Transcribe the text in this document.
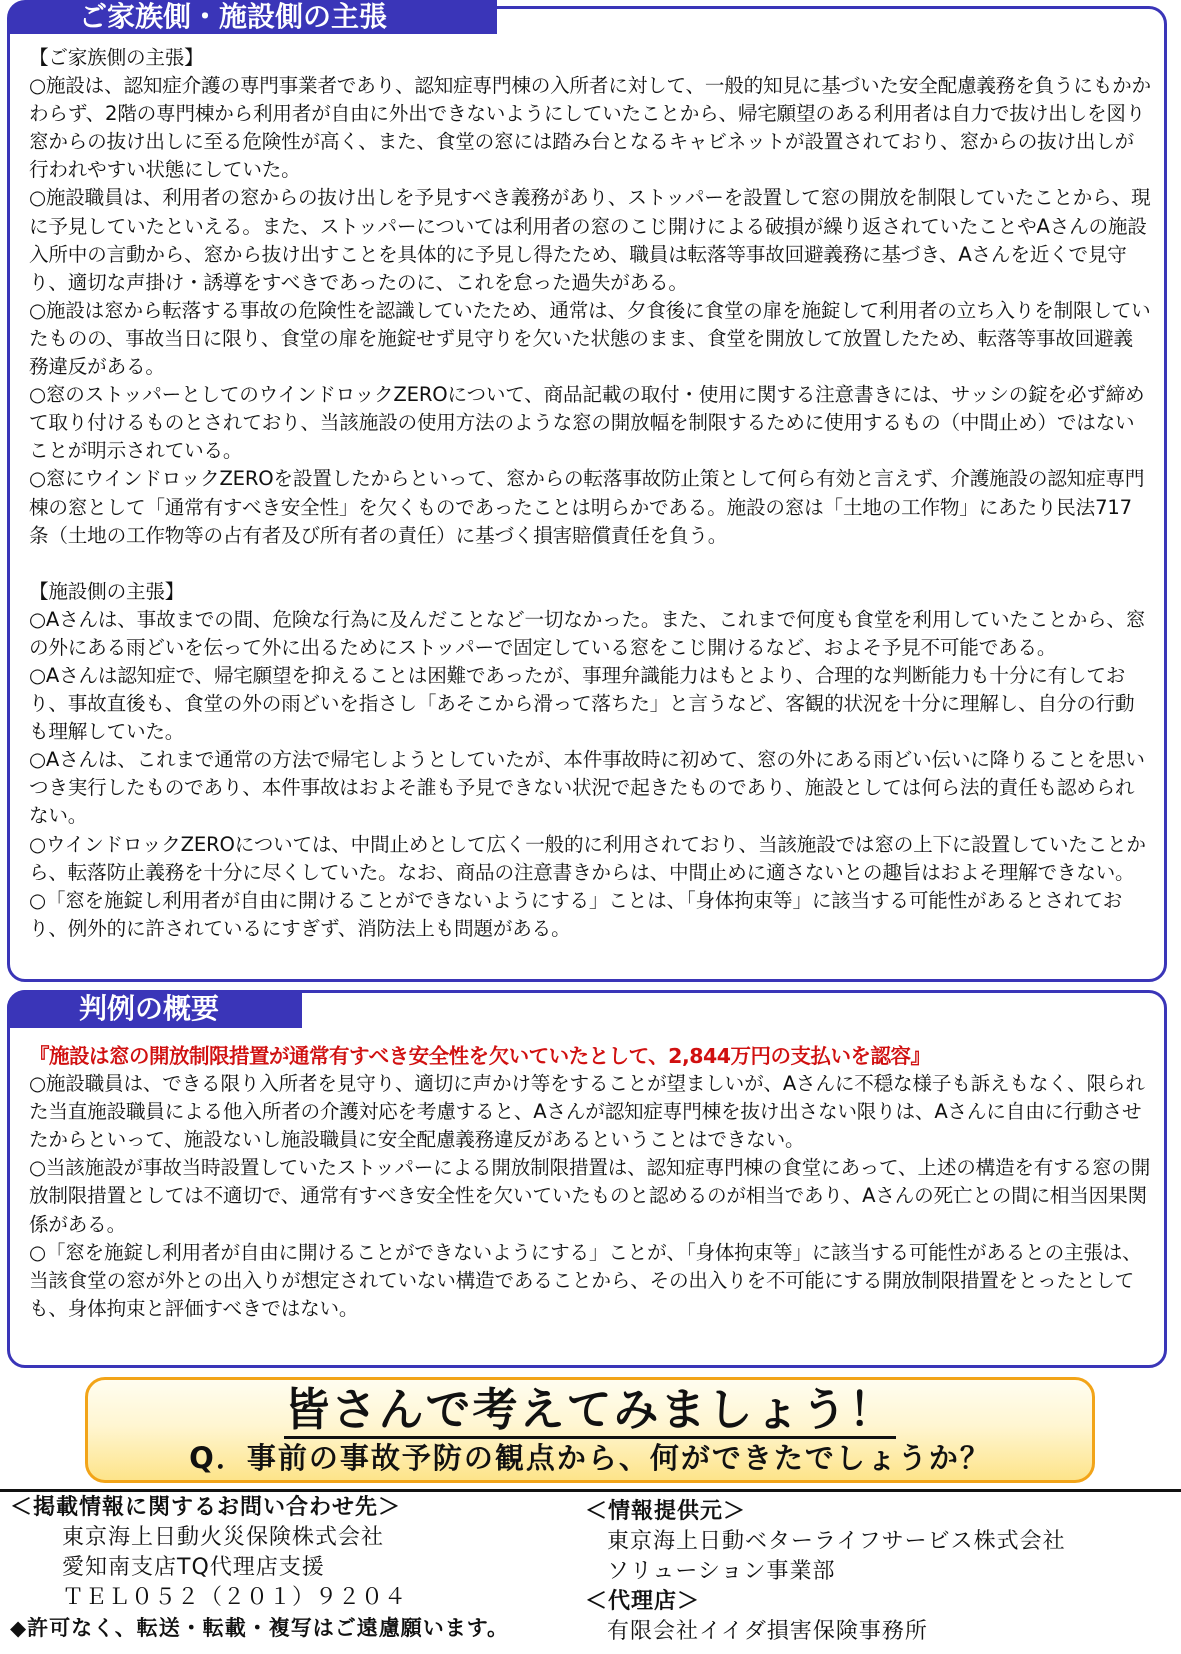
ご家族側・施設側の主張

【ご家族側の主張】

○施設は、認知症介護の専門事業者であり、認知症専門棟の入所者に対して、一般的知見に基づいた安全配慮義務を負うにもかかわらず、2階の専門棟から利用者が自由に外出できないようにしていたことから、帰宅願望のある利用者は自力で抜け出しを図り窓からの抜け出しに至る危険性が高く、また、食堂の窓には踏み台となるキャビネットが設置されており、窓からの抜け出しが行われやすい状態にしていた。

○施設職員は、利用者の窓からの抜け出しを予見すべき義務があり、ストッパーを設置して窓の開放を制限していたことから、現に予見していたといえる。また、ストッパーについては利用者の窓のこじ開けによる破損が繰り返されていたことやAさんの施設入所中の言動から、窓から抜け出すことを具体的に予見し得たため、職員は転落等事故回避義務に基づき、Aさんを近くで見守り、適切な声掛け・誘導をすべきであったのに、これを怠った過失がある。

○施設は窓から転落する事故の危険性を認識していたため、通常は、夕食後に食堂の扉を施錠して利用者の立ち入りを制限していたものの、事故当日に限り、食堂の扉を施錠せず見守りを欠いた状態のまま、食堂を開放して放置したため、転落等事故回避義務違反がある。

○窓のストッパーとしてのウインドロックZEROについて、商品記載の取付・使用に関する注意書きには、サッシの錠を必ず締めて取り付けるものとされており、当該施設の使用方法のような窓の開放幅を制限するために使用するもの（中間止め）ではないことが明示されている。

○窓にウインドロックZEROを設置したからといって、窓からの転落事故防止策として何ら有効と言えず、介護施設の認知症専門棟の窓として「通常有すべき安全性」を欠くものであったことは明らかである。施設の窓は「土地の工作物」にあたり民法717条（土地の工作物等の占有者及び所有者の責任）に基づく損害賠償責任を負う。

【施設側の主張】

○Aさんは、事故までの間、危険な行為に及んだことなど一切なかった。また、これまで何度も食堂を利用していたことから、窓の外にある雨どいを伝って外に出るためにストッパーで固定している窓をこじ開けるなど、およそ予見不可能である。

○Aさんは認知症で、帰宅願望を抑えることは困難であったが、事理弁識能力はもとより、合理的な判断能力も十分に有しており、事故直後も、食堂の外の雨どいを指さし「あそこから滑って落ちた」と言うなど、客観的状況を十分に理解し、自分の行動も理解していた。

○Aさんは、これまで通常の方法で帰宅しようとしていたが、本件事故時に初めて、窓の外にある雨どい伝いに降りることを思いつき実行したものであり、本件事故はおよそ誰も予見できない状況で起きたものであり、施設としては何ら法的責任も認められない。

○ウインドロックZEROについては、中間止めとして広く一般的に利用されており、当該施設では窓の上下に設置していたことから、転落防止義務を十分に尽くしていた。なお、商品の注意書きからは、中間止めに適さないとの趣旨はおよそ理解できない。

○「窓を施錠し利用者が自由に開けることができないようにする」ことは、「身体拘束等」に該当する可能性があるとされており、例外的に許されているにすぎず、消防法上も問題がある。

判例の概要

『施設は窓の開放制限措置が通常有すべき安全性を欠いていたとして、2,844万円の支払いを認容』

○施設職員は、できる限り入所者を見守り、適切に声かけ等をすることが望ましいが、Aさんに不穏な様子も訴えもなく、限られた当直施設職員による他入所者の介護対応を考慮すると、Aさんが認知症専門棟を抜け出さない限りは、Aさんに自由に行動させたからといって、施設ないし施設職員に安全配慮義務違反があるということはできない。

○当該施設が事故当時設置していたストッパーによる開放制限措置は、認知症専門棟の食堂にあって、上述の構造を有する窓の開放制限措置としては不適切で、通常有すべき安全性を欠いていたものと認めるのが相当であり、Aさんの死亡との間に相当因果関係がある。

○「窓を施錠し利用者が自由に開けることができないようにする」ことが、「身体拘束等」に該当する可能性があるとの主張は、当該食堂の窓が外との出入りが想定されていない構造であることから、その出入りを不可能にする開放制限措置をとったとしても、身体拘束と評価すべきではない。

皆さんで考えてみましょう！
Q．事前の事故予防の観点から、何ができたでしょうか？
＜掲載情報に関するお問い合わせ先＞
東京海上日動火災保険株式会社
愛知南支店TQ代理店支援
ＴＥＬ０５２（２０１）９２０４
◆許可なく、転送・転載・複写はご遠慮願います。
＜情報提供元＞
東京海上日動ベターライフサービス株式会社
ソリューション事業部
＜代理店＞
有限会社イイダ損害保険事務所
